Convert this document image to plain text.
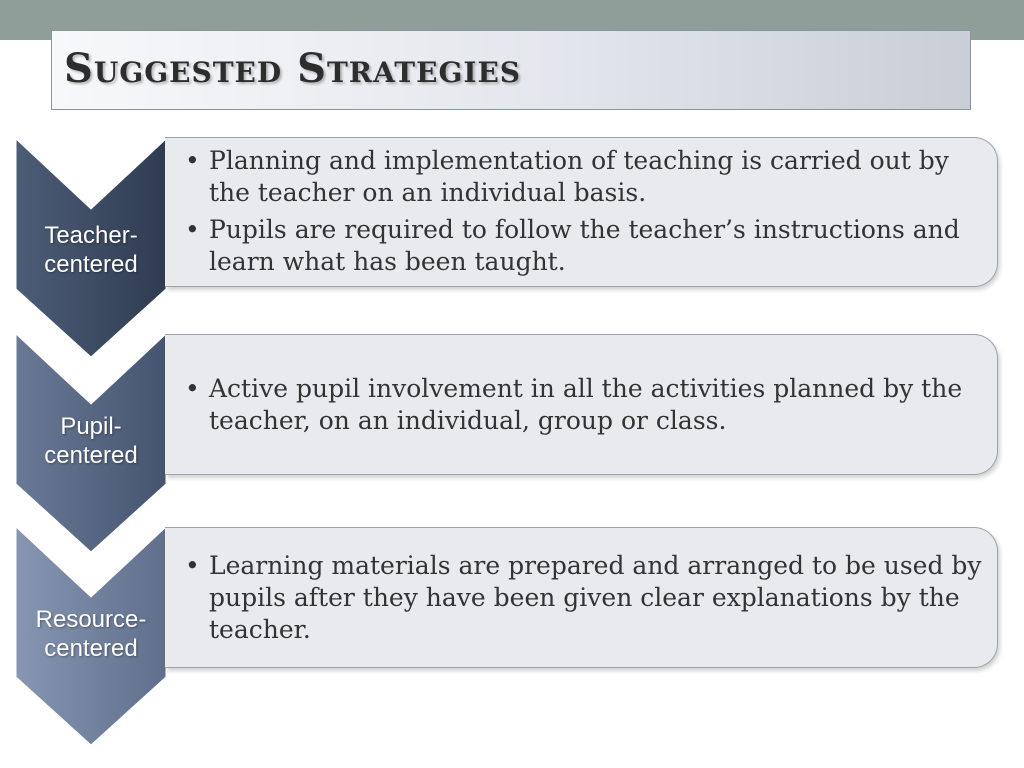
Suggested Strategies
Teacher-
centered
• Planning and implementation of teaching is carried out by the teacher on an individual basis.
• Pupils are required to follow the teacher’s instructions and learn what has been taught.
Pupil-
centered
• Active pupil involvement in all the activities planned by the teacher, on an individual, group or class.
Resource-
centered
• Learning materials are prepared and arranged to be used by pupils after they have been given clear explanations by the teacher.
